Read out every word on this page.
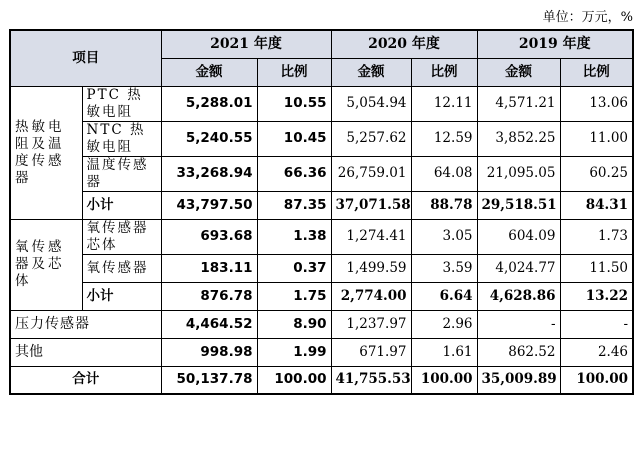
单位：万元，%
项目		2021 年度		2020 年度		2019 年度	
		金额	比例	金额	比例	金额	比例
热敏电阻及温度传感器	PTC 热敏电阻	5,288.01	10.55	5,054.94	12.11	4,571.21	13.06
	NTC 热敏电阻	5,240.55	10.45	5,257.62	12.59	3,852.25	11.00
	温度传感器	33,268.94	66.36	26,759.01	64.08	21,095.05	60.25
	小计	43,797.50	87.35	37,071.58	88.78	29,518.51	84.31
氧传感器及芯体	氧传感器芯体	693.68	1.38	1,274.41	3.05	604.09	1.73
	氧传感器	183.11	0.37	1,499.59	3.59	4,024.77	11.50
	小计	876.78	1.75	2,774.00	6.64	4,628.86	13.22
压力传感器		4,464.52	8.90	1,237.97	2.96	-	-
其他		998.98	1.99	671.97	1.61	862.52	2.46
合计		50,137.78	100.00	41,755.53	100.00	35,009.89	100.00
